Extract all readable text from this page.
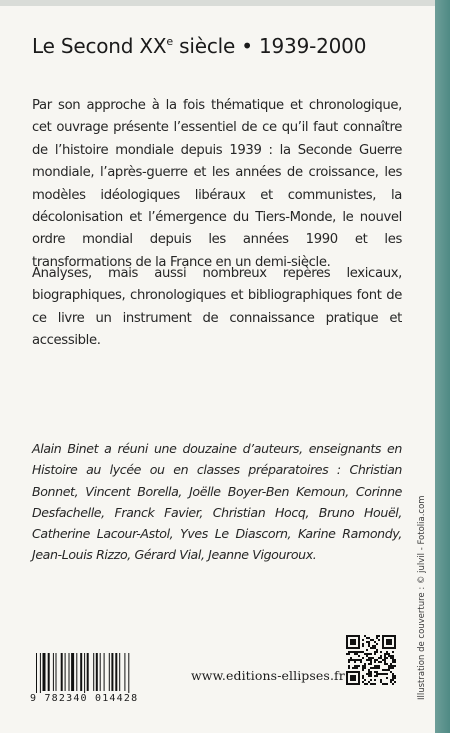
Le Second XXe siècle • 1939-2000
Par son approche à la fois thématique et chronologique, cet ouvrage présente l’essentiel de ce qu’il faut connaître de l’histoire mondiale depuis 1939 : la Seconde Guerre mondiale, l’après-guerre et les années de croissance, les modèles idéologiques libéraux et communistes, la décolonisation et l’émergence du Tiers-Monde, le nouvel ordre mondial depuis les années 1990 et les transformations de la France en un demi-siècle.
Analyses, mais aussi nombreux repères lexicaux, biographiques, chronologiques et bibliographiques font de ce livre un instrument de connaissance pratique et accessible.
Alain Binet a réuni une douzaine d’auteurs, enseignants en Histoire au lycée ou en classes préparatoires : Christian Bonnet, Vincent Borella, Joëlle Boyer-Ben Kemoun, Corinne Desfachelle, Franck Favier, Christian Hocq, Bruno Houël, Catherine Lacour-Astol, Yves Le Diascorn, Karine Ramondy, Jean-Louis Rizzo, Gérard Vial, Jeanne Vigouroux.	Illustration de couverture : © julvil - Fotolia.com
9 782340 014428
www.editions-ellipses.fr
